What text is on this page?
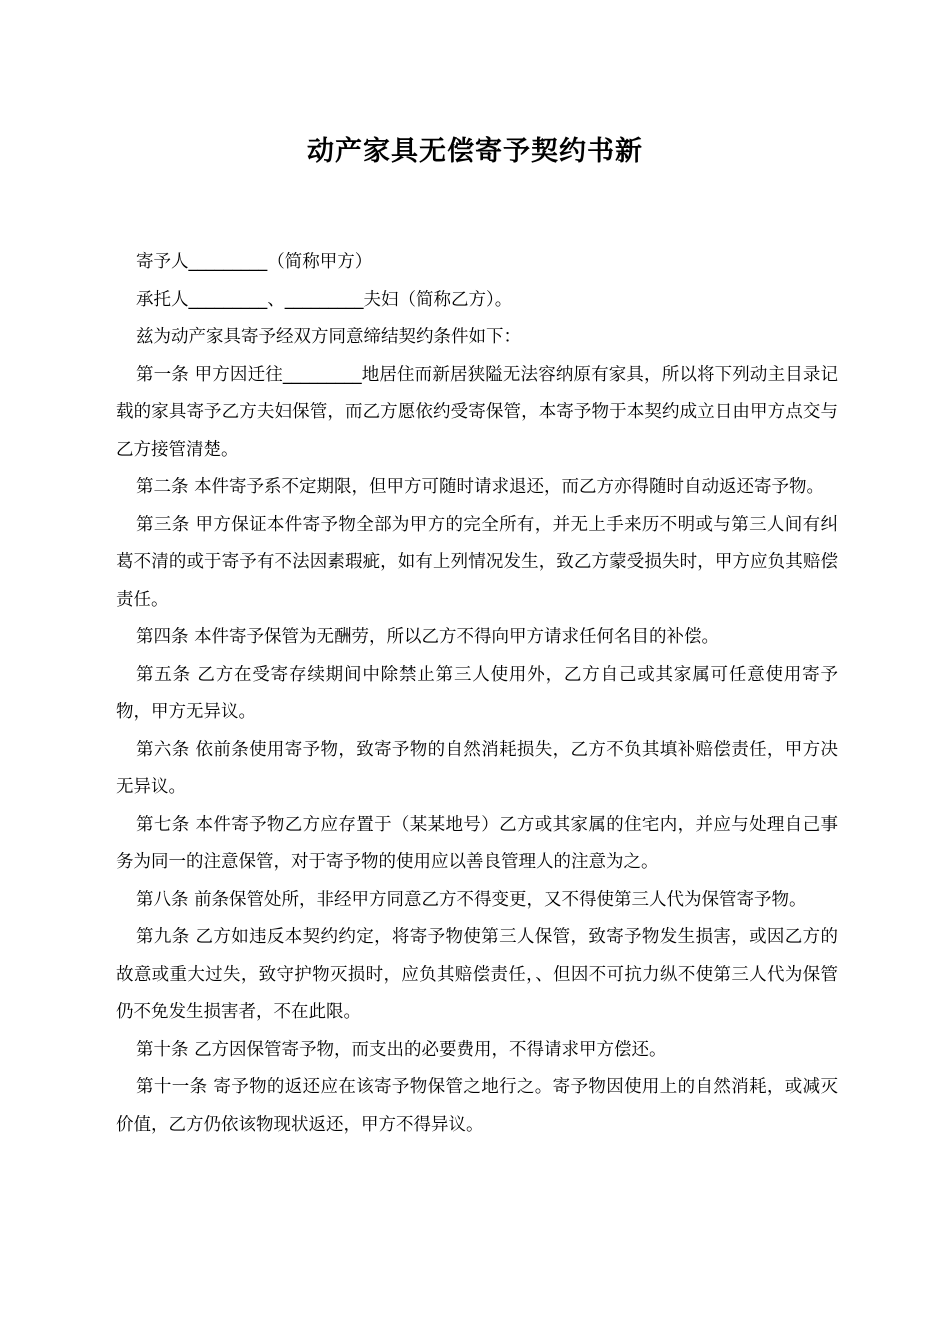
动产家具无偿寄予契约书新

寄予人_________（简称甲方）

承托人_________、_________夫妇（简称乙方）。

兹为动产家具寄予经双方同意缔结契约条件如下：

第一条 甲方因迁往_________地居住而新居狭隘无法容纳原有家具，所以将下列动主目录记载的家具寄予乙方夫妇保管，而乙方愿依约受寄保管，本寄予物于本契约成立日由甲方点交与乙方接管清楚。

第二条 本件寄予系不定期限，但甲方可随时请求退还，而乙方亦得随时自动返还寄予物。

第三条 甲方保证本件寄予物全部为甲方的完全所有，并无上手来历不明或与第三人间有纠葛不清的或于寄予有不法因素瑕疵，如有上列情况发生，致乙方蒙受损失时，甲方应负其赔偿责任。

第四条 本件寄予保管为无酬劳，所以乙方不得向甲方请求任何名目的补偿。

第五条 乙方在受寄存续期间中除禁止第三人使用外，乙方自己或其家属可任意使用寄予物，甲方无异议。

第六条 依前条使用寄予物，致寄予物的自然消耗损失，乙方不负其填补赔偿责任，甲方决无异议。

第七条 本件寄予物乙方应存置于（某某地号）乙方或其家属的住宅内，并应与处理自己事务为同一的注意保管，对于寄予物的使用应以善良管理人的注意为之。

第八条 前条保管处所，非经甲方同意乙方不得变更，又不得使第三人代为保管寄予物。

第九条 乙方如违反本契约约定，将寄予物使第三人保管，致寄予物发生损害，或因乙方的故意或重大过失，致守护物灭损时，应负其赔偿责任，、但因不可抗力纵不使第三人代为保管仍不免发生损害者，不在此限。

第十条 乙方因保管寄予物，而支出的必要费用，不得请求甲方偿还。

第十一条 寄予物的返还应在该寄予物保管之地行之。寄予物因使用上的自然消耗，或减灭价值，乙方仍依该物现状返还，甲方不得异议。
